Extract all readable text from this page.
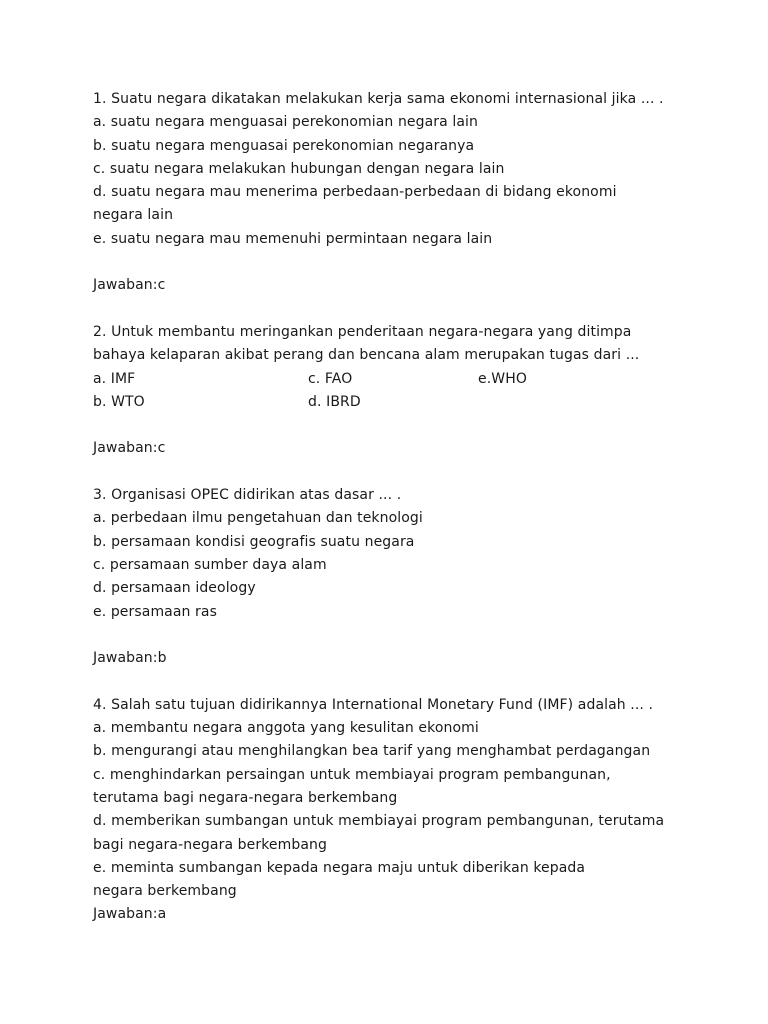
1. Suatu negara dikatakan melakukan kerja sama ekonomi internasional jika ... .
a. suatu negara menguasai perekonomian negara lain
b. suatu negara menguasai perekonomian negaranya
c. suatu negara melakukan hubungan dengan negara lain
d. suatu negara mau menerima perbedaan-perbedaan di bidang ekonomi negara lain
e. suatu negara mau memenuhi permintaan negara lain
Jawaban:c
2. Untuk membantu meringankan penderitaan negara-negara yang ditimpa bahaya kelaparan akibat perang dan bencana alam merupakan tugas dari ...
a. IMF	c. FAO	e.WHO
b. WTO	d. IBRD
Jawaban:c
3. Organisasi OPEC didirikan atas dasar ... .
a. perbedaan ilmu pengetahuan dan teknologi
b. persamaan kondisi geografis suatu negara
c. persamaan sumber daya alam
d. persamaan ideology
e. persamaan ras
Jawaban:b
4. Salah satu tujuan didirikannya International Monetary Fund (IMF) adalah ... .
a. membantu negara anggota yang kesulitan ekonomi
b. mengurangi atau menghilangkan bea tarif yang menghambat perdagangan
c. menghindarkan persaingan untuk membiayai program pembangunan, terutama bagi negara-negara berkembang
d. memberikan sumbangan untuk membiayai program pembangunan, terutama bagi negara-negara berkembang
e. meminta sumbangan kepada negara maju untuk diberikan kepada negara berkembang
Jawaban:a
